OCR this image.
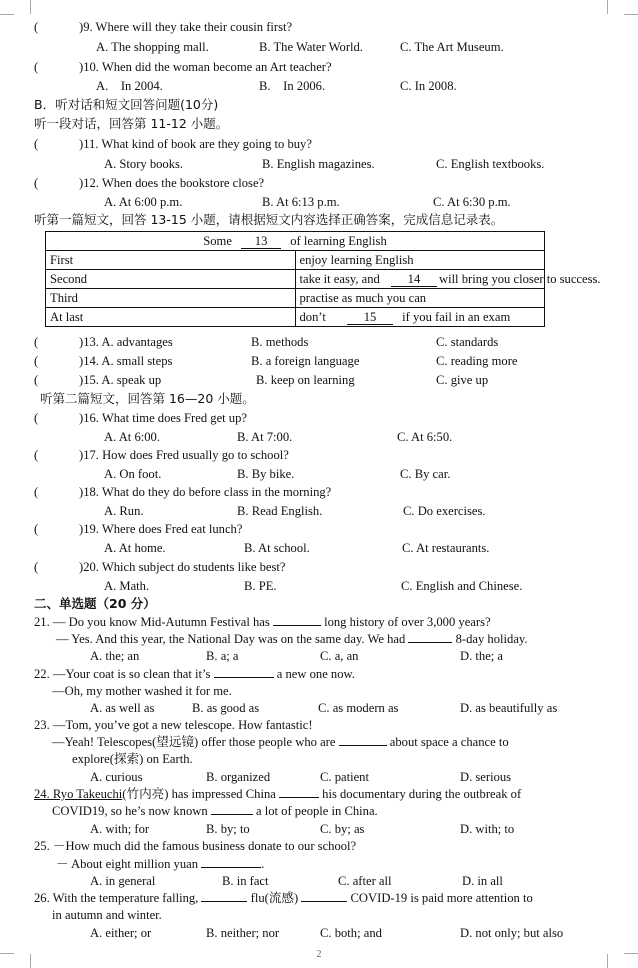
(	)9. Where will they take their cousin first?
A. The shopping mall.	B. The Water World.	C. The Art Museum.
(	)10. When did the woman become an Art teacher?
A.    In 2004.	B.    In 2006.	C. In 2008.
B．听对话和短文回答问题(10分)
听一段对话，回答第 11-12 小题。
(	)11. What kind of book are they going to buy?
A. Story books.	B. English magazines.	C. English textbooks.
(	)12. When does the bookstore close?
A. At 6:00 p.m.	B. At 6:13 p.m.	C. At 6:30 p.m.
听第一篇短文，回答 13-15 小题，请根据短文内容选择正确答案，完成信息记录表。
Some 13 of learning English	
First	enjoy learning English
Second	take it easy, and 14 will bring you closer to success.
Third	practise as much you can
At last	don’t 15 if you fail in an exam
(	)13. A. advantages	B. methods	C. standards
(	)14. A. small steps	B. a foreign language	C. reading more
(	)15. A. speak up	B. keep on learning	C. give up
听第二篇短文，回答第 16—20 小题。
(	)16. What time does Fred get up?
A. At 6:00.	B. At 7:00.	C. At 6:50.
(	)17. How does Fred usually go to school?
A. On foot.	B. By bike.	C. By car.
(	)18. What do they do before class in the morning?
A. Run.	B. Read English.	C. Do exercises.
(	)19. Where does Fred eat lunch?
A. At home.	B. At school.	C. At restaurants.
(	)20. Which subject do students like best?
A. Math.	B. PE.	C. English and Chinese.
二、单选题（20 分）
21. — Do you know Mid-Autumn Festival has	long history of over 3,000 years?
— Yes. And this year, the National Day was on the same day. We had	8-day holiday.
A. the; an	B. a; a	C. a, an	D. the; a
22. —Your coat is so clean that it’s	a new one now.
—Oh, my mother washed it for me.
A. as well as	B. as good as	C. as modern as	D. as beautifully as
23. —Tom, you’ve got a new telescope. How fantastic!
—Yeah! Telescopes(望远镜) offer those people who are	about space a chance to
explore(探索) on Earth.
A. curious	B. organized	C. patient	D. serious
24. Ryo Takeuchi(竹内亮) has impressed China	his documentary during the outbreak of
COVID19, so he’s now known	a lot of people in China.
A. with; for	B. by; to	C. by; as	D. with; to
25. －How much did the famous business donate to our school?
－ About eight million yuan	.
A. in general	B. in fact	C. after all	D. in all
26. With the temperature falling,	flu(流感)	COVID-19 is paid more attention to
in autumn and winter.
A. either; or	B. neither; nor	C. both; and	D. not only; but also
2
